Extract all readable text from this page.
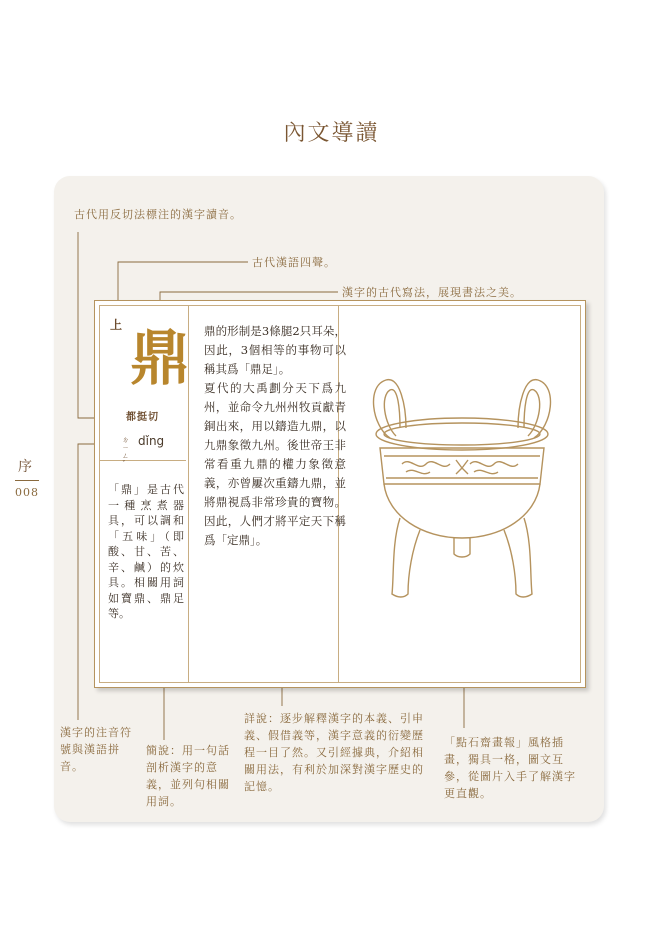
內文導讀
序
008
古代用反切法標注的漢字讀音。
古代漢語四聲。
漢字的古代寫法，展現書法之美。
上 鼎
都挺切
ㄉㄧㄥˇ
dǐng
「鼎」是古代一種烹煮器具，可以調和「五味」（即酸、甘、苦、辛、鹹）的炊具。相關用詞如寶鼎、鼎足等。

鼎的形制是3條腿2只耳朵，因此，3個相等的事物可以稱其爲「鼎足」。

夏代的大禹劃分天下爲九州，並命令九州州牧貢獻青銅出來，用以鑄造九鼎，以九鼎象徵九州。後世帝王非常看重九鼎的權力象徵意義，亦曾屢次重鑄九鼎，並將鼎視爲非常珍貴的寶物。因此，人們才將平定天下稱爲「定鼎」。

漢字的注音符號與漢語拼音。
簡說：用一句話剖析漢字的意義，並列句相關用詞。
詳說：逐步解釋漢字的本義、引申義、假借義等，漢字意義的衍變歷程一目了然。又引經據典，介紹相關用法，有利於加深對漢字歷史的記憶。
「點石齋畫報」風格插畫，獨具一格，圖文互參，從圖片入手了解漢字更直觀。
